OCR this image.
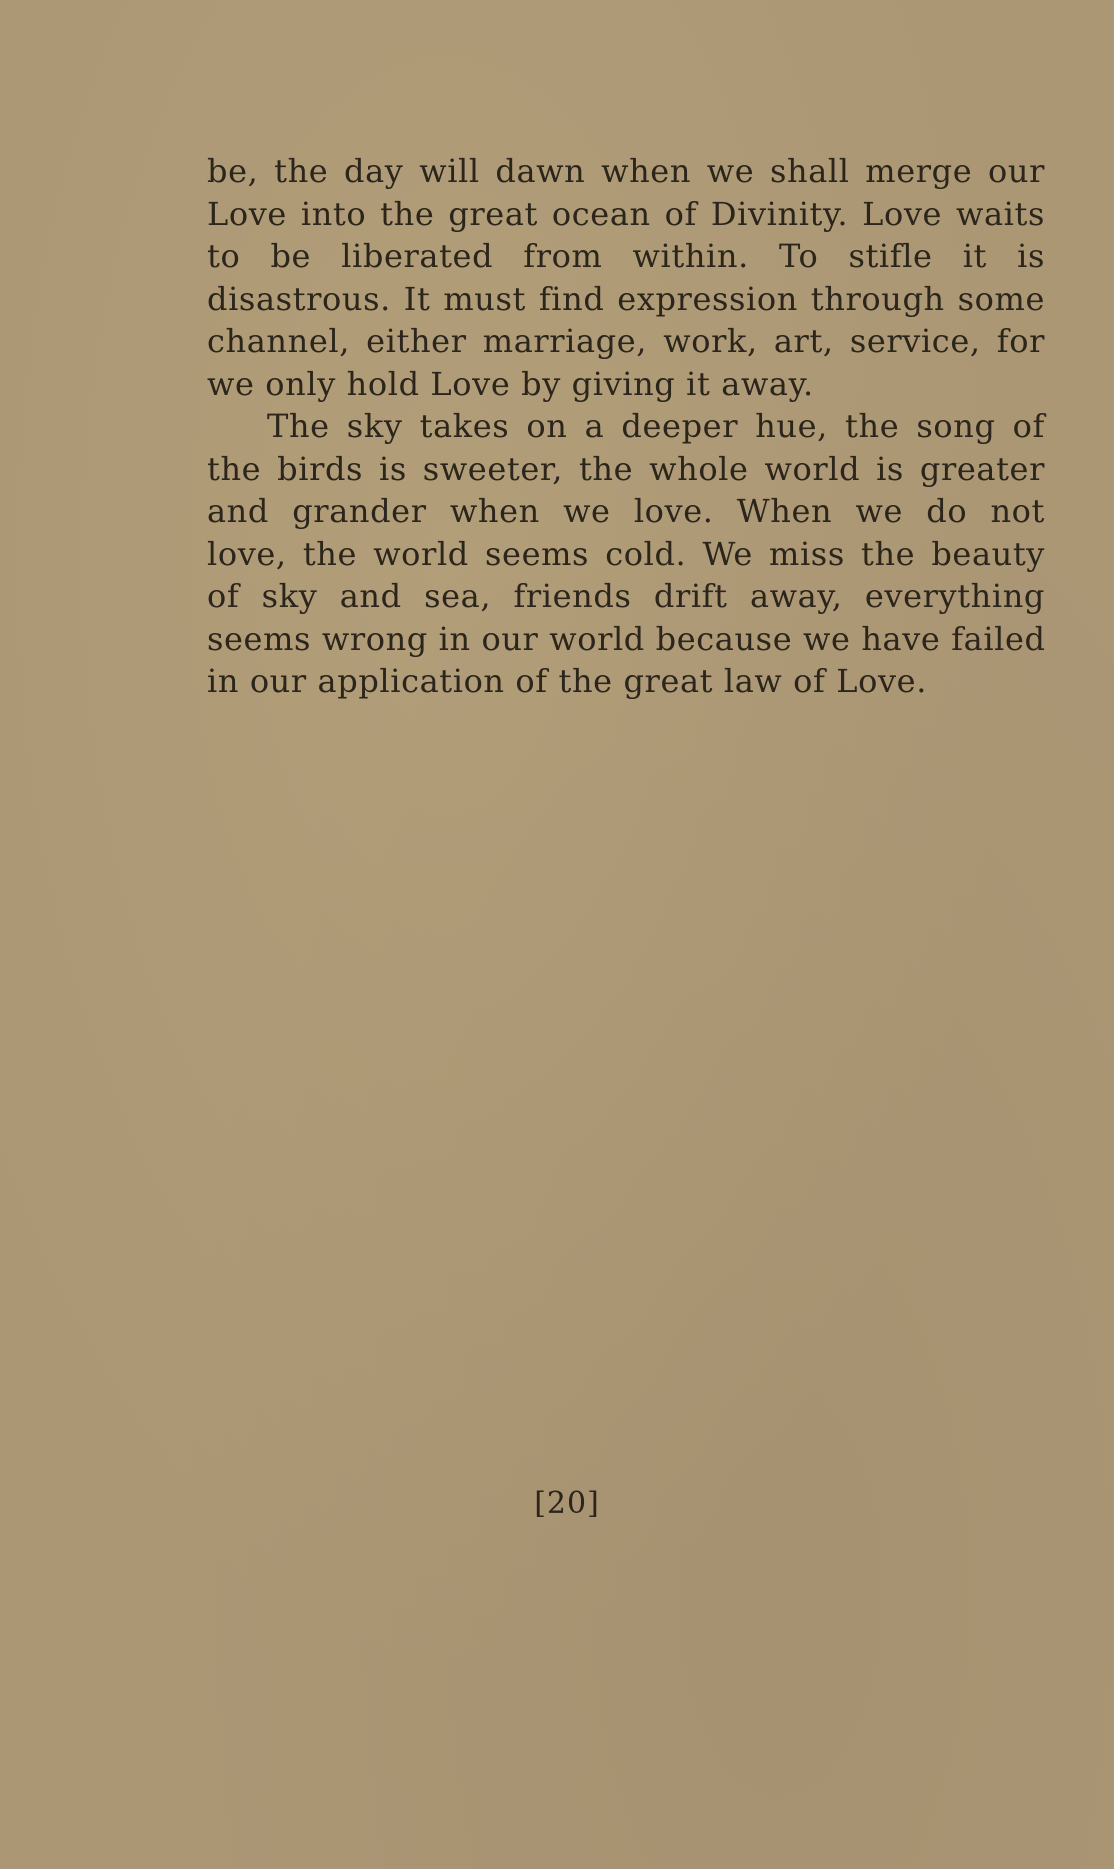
be, the day will dawn when we shall merge our
Love into the great ocean of Divinity. Love waits
to be liberated from within. To stifle it is
disastrous. It must find expression through some
channel, either marriage, work, art, service, for
we only hold Love by giving it away.
The sky takes on a deeper hue, the song of
the birds is sweeter, the whole world is greater
and grander when we love. When we do not
love, the world seems cold. We miss the beauty
of sky and sea, friends drift away, everything
seems wrong in our world because we have failed
in our application of the great law of Love.
[20]
